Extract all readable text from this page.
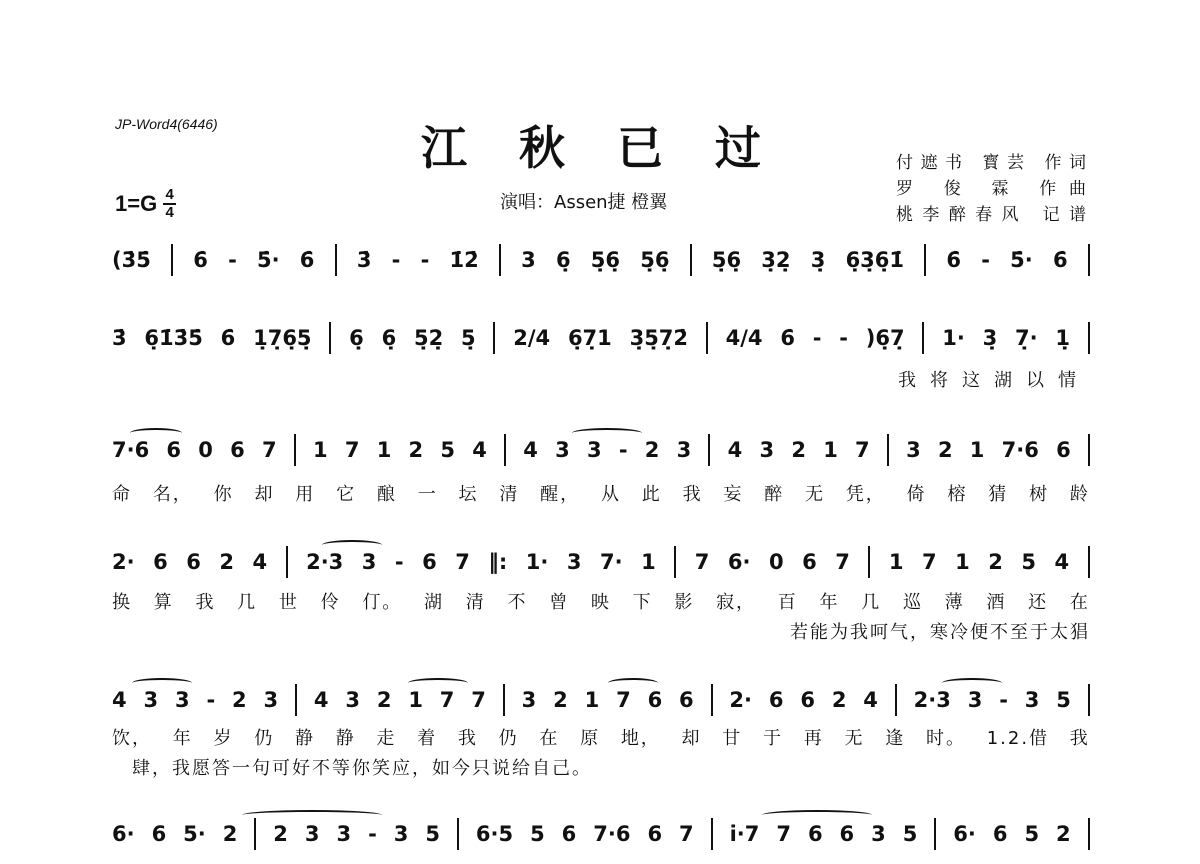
JP-Word4(6446)	江 秋 已 过	付遮书 寳芸 作词
罗 俊 霖 作曲
桃李醉春风 记谱
演唱：Assen捷 橙翼
1=G 4
4
(3̇5̇ 6̇ - 5̇· 6̇ 3̇ - - 1̇2̇ 3 6̣ 5̣6̣ 5̣6̣ 5̣6̣ 3̣2̣ 3̣ 6̣3̣6̣1̇ 6̇ - 5̇· 6̇
3̇ 6̣1̇3̇5̇ 6̇ 1̣7̣6̣5̣ 6̣ 6̣ 5̣2̣ 5̣ 2/4 6̣7̣1 3̣5̣7̣2̇ 4/4 6̇ - - )6̣7̣ 1· 3̣ 7̣· 1̣
我将 这 湖以 情
7·6 6 0 6 7 1 7 1 2 5 4 4 3 3 - 2 3 4 3 2 1 7 3 2 1 7·6 6
命 名， 你 却 用 它 酿 一 坛 清 醒， 从 此 我 妄 醉 无 凭， 倚 榕 猜 树 龄
2· 6 6 2 4 2·3 3 - 6 7 ‖: 1· 3 7· 1 7 6· 0 6 7 1 7 1 2 5 4
换 算 我 几 世 伶 仃。 湖 清 不 曾 映 下 影 寂， 百 年 几 巡 薄 酒 还 在
若 能 为 我 呵 气， 寒 冷 便 不 至 于 太 猖
4 3 3 - 2 3 4 3 2 1 7 7 3 2 1 7 6 6 2· 6 6 2 4 2·3 3 - 3 5
饮， 年 岁 仍 静 静 走 着 我 仍 在 原 地， 却 甘 于 再 无 逢 时。 1.2.借 我
肆， 我 愿 答 一 句 可 好 不 等 你 笑 应， 如 今 只 说 给 自 己。
6· 6 5· 2 2 3 3 - 3 5 6·5 5 6 7·6 6 7 i·7 7 6 6 3 5 6· 6 5 2
